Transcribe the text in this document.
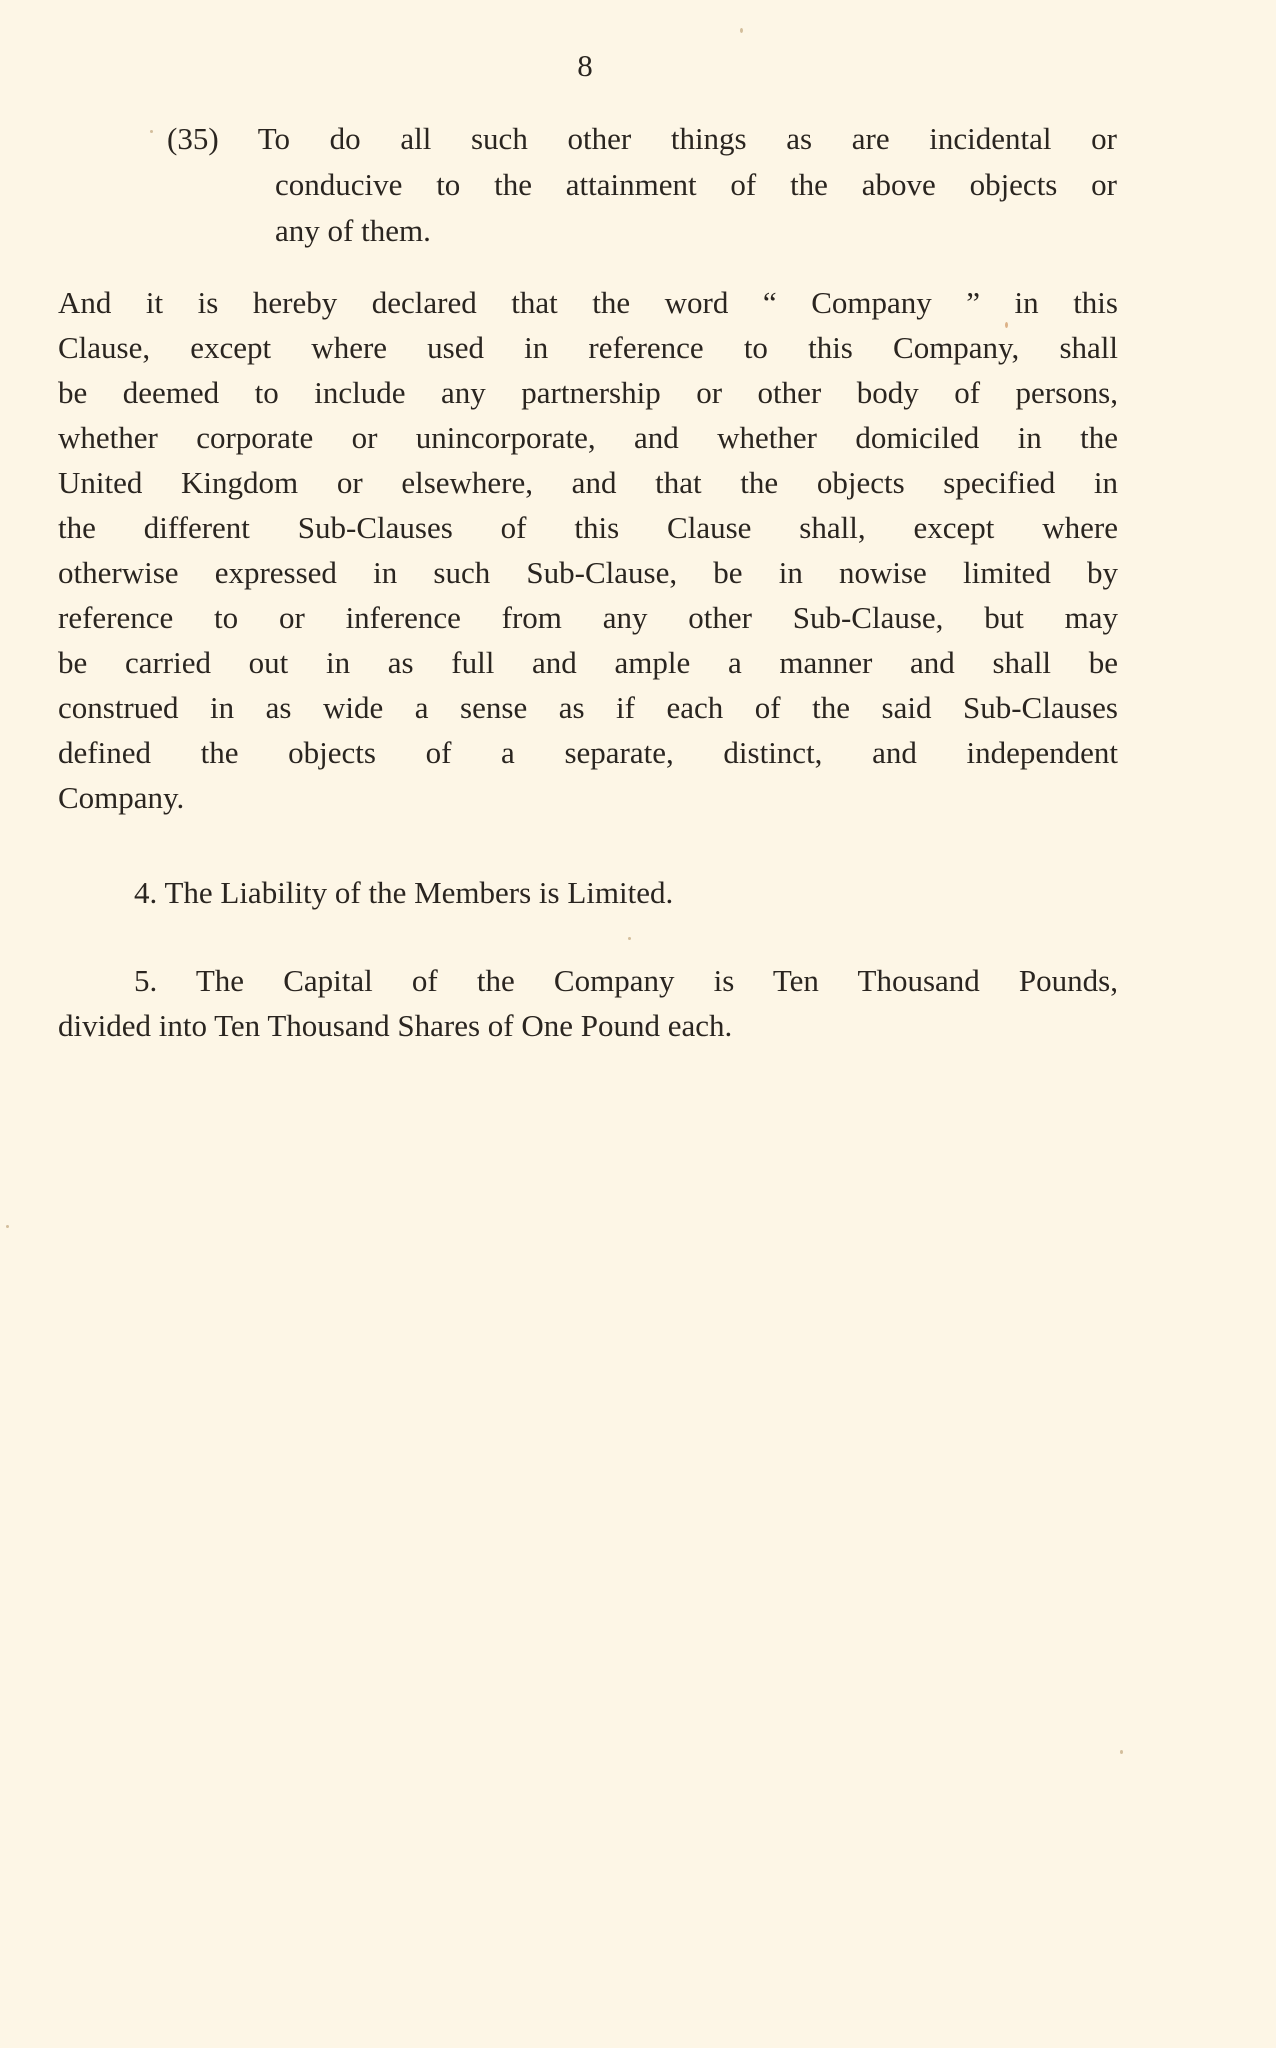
8
(35) To do all such other things as are incidental or
conducive to the attainment of the above objects or
any of them.
And it is hereby declared that the word “ Company ” in this
Clause, except where used in reference to this Company, shall
be deemed to include any partnership or other body of persons,
whether corporate or unincorporate, and whether domiciled in the
United Kingdom or elsewhere, and that the objects specified in
the different Sub-Clauses of this Clause shall, except where
otherwise expressed in such Sub-Clause, be in nowise limited by
reference to or inference from any other Sub-Clause, but may
be carried out in as full and ample a manner and shall be
construed in as wide a sense as if each of the said Sub-Clauses
defined the objects of a separate, distinct, and independent
Company.
4. The Liability of the Members is Limited.
5. The Capital of the Company is Ten Thousand Pounds,
divided into Ten Thousand Shares of One Pound each.
